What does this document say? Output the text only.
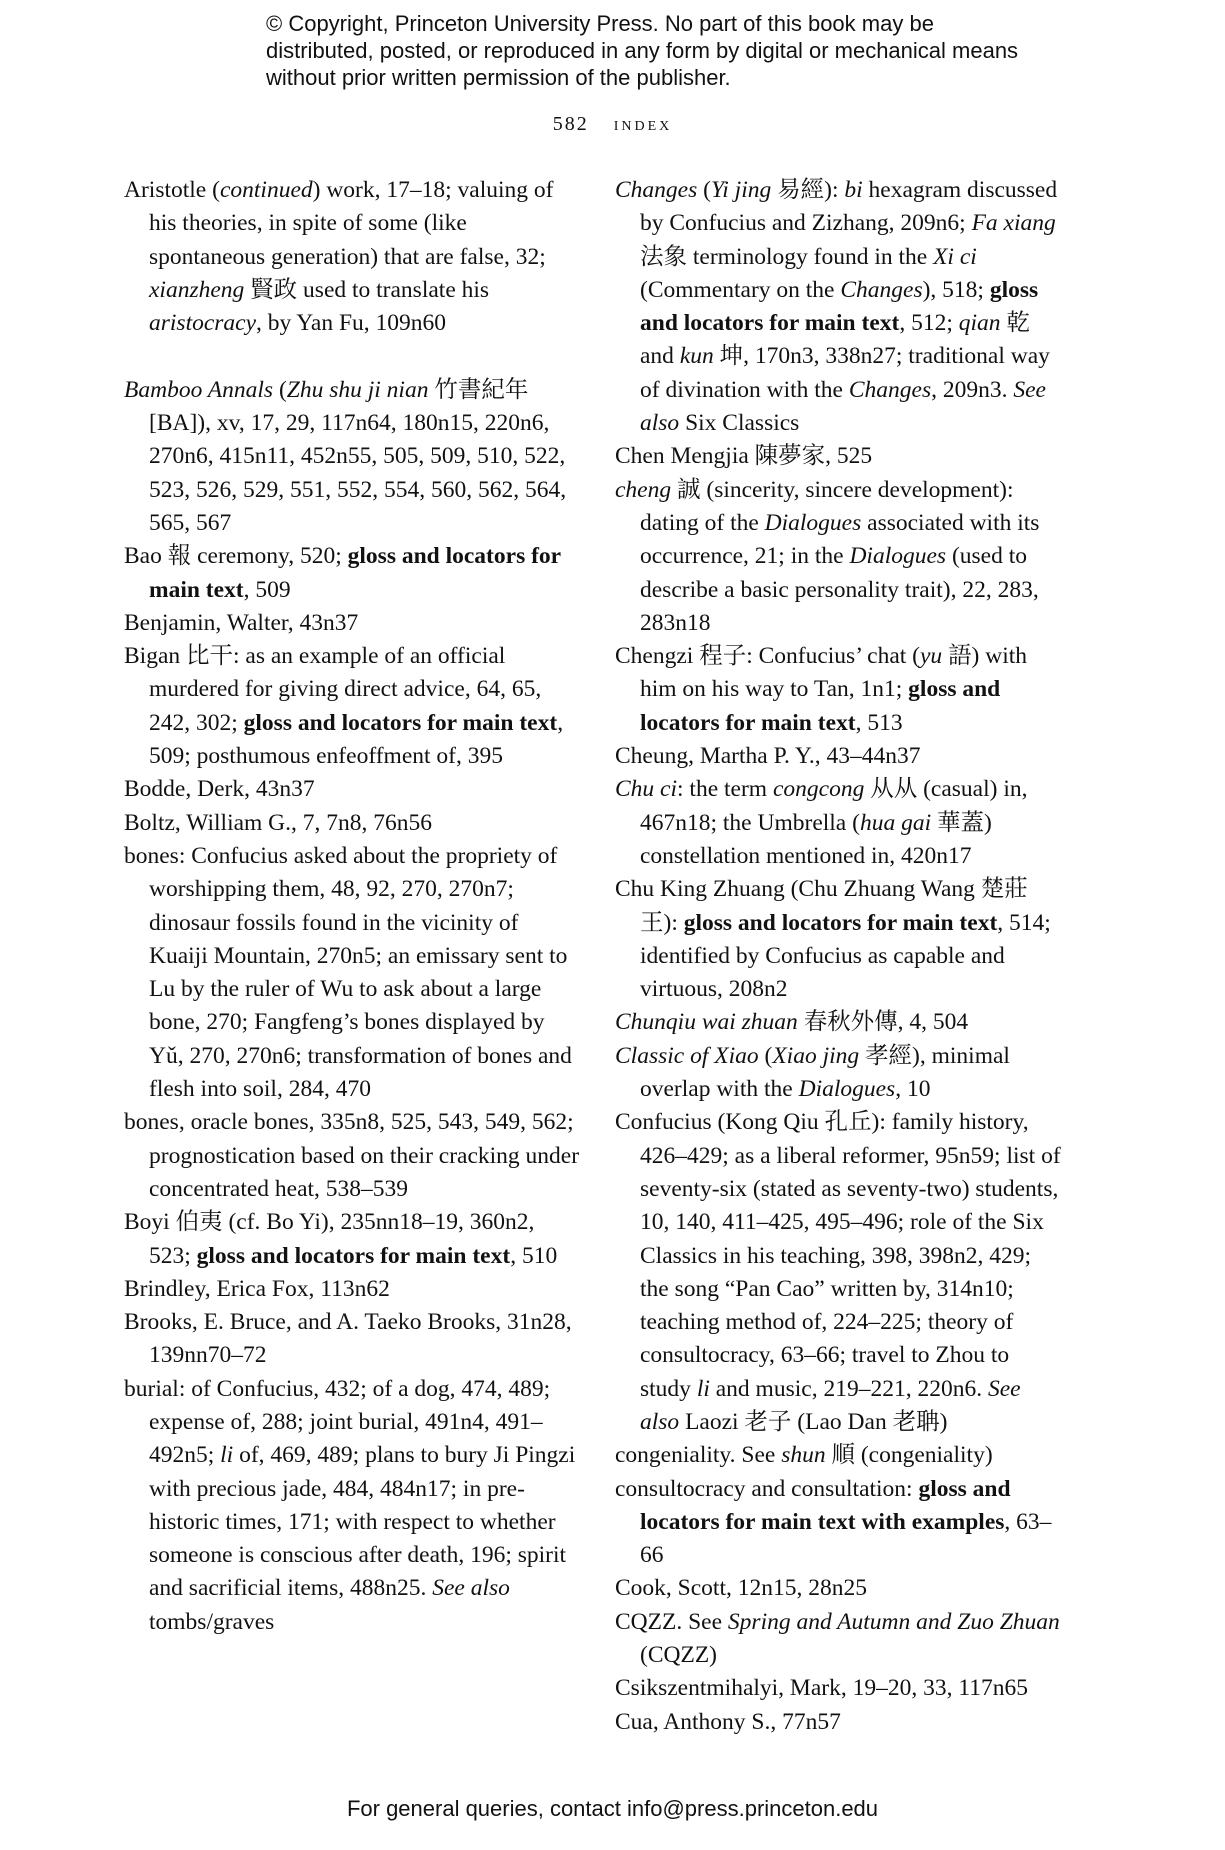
© Copyright, Princeton University Press. No part of this book may be distributed, posted, or reproduced in any form by digital or mechanical means without prior written permission of the publisher.
582 index
Aristotle (continued) work, 17–18; valuing of his theories, in spite of some (like spontaneous generation) that are false, 32; xianzheng 賢政 used to translate his aristocracy, by Yan Fu, 109n60
Bamboo Annals (Zhu shu ji nian 竹書紀年 [BA]), xv, 17, 29, 117n64, 180n15, 220n6, 270n6, 415n11, 452n55, 505, 509, 510, 522, 523, 526, 529, 551, 552, 554, 560, 562, 564, 565, 567
Bao 報 ceremony, 520; gloss and locators for main text, 509
Benjamin, Walter, 43n37
Bigan 比干: as an example of an official murdered for giving direct advice, 64, 65, 242, 302; gloss and locators for main text, 509; posthumous enfeoffment of, 395
Bodde, Derk, 43n37
Boltz, William G., 7, 7n8, 76n56
bones: Confucius asked about the propriety of worshipping them, 48, 92, 270, 270n7; dinosaur fossils found in the vicinity of Kuaiji Mountain, 270n5; an emissary sent to Lu by the ruler of Wu to ask about a large bone, 270; Fangfeng’s bones displayed by Yǔ, 270, 270n6; transformation of bones and flesh into soil, 284, 470
bones, oracle bones, 335n8, 525, 543, 549, 562; prognostication based on their cracking under concentrated heat, 538–539
Boyi 伯夷 (cf. Bo Yi), 235nn18–19, 360n2, 523; gloss and locators for main text, 510
Brindley, Erica Fox, 113n62
Brooks, E. Bruce, and A. Taeko Brooks, 31n28, 139nn70–72
burial: of Confucius, 432; of a dog, 474, 489; expense of, 288; joint burial, 491n4, 491–492n5; li of, 469, 489; plans to bury Ji Pingzi with precious jade, 484, 484n17; in pre-historic times, 171; with respect to whether someone is conscious after death, 196; spirit and sacrificial items, 488n25. See also tombs/graves
Changes (Yi jing 易經): bi hexagram discussed by Confucius and Zizhang, 209n6; Fa xiang 法象 terminology found in the Xi ci (Commentary on the Changes), 518; gloss and locators for main text, 512; qian 乾 and kun 坤, 170n3, 338n27; traditional way of divination with the Changes, 209n3. See also Six Classics
Chen Mengjia 陳夢家, 525
cheng 誠 (sincerity, sincere development): dating of the Dialogues associated with its occurrence, 21; in the Dialogues (used to describe a basic personality trait), 22, 283, 283n18
Chengzi 程子: Confucius’ chat (yu 語) with him on his way to Tan, 1n1; gloss and locators for main text, 513
Cheung, Martha P. Y., 43–44n37
Chu ci: the term congcong 从从 (casual) in, 467n18; the Umbrella (hua gai 華蓋) constellation mentioned in, 420n17
Chu King Zhuang (Chu Zhuang Wang 楚莊王): gloss and locators for main text, 514; identified by Confucius as capable and virtuous, 208n2
Chunqiu wai zhuan 春秋外傳, 4, 504
Classic of Xiao (Xiao jing 孝經), minimal overlap with the Dialogues, 10
Confucius (Kong Qiu 孔丘): family history, 426–429; as a liberal reformer, 95n59; list of seventy-six (stated as seventy-two) students, 10, 140, 411–425, 495–496; role of the Six Classics in his teaching, 398, 398n2, 429; the song “Pan Cao” written by, 314n10; teaching method of, 224–225; theory of consultocracy, 63–66; travel to Zhou to study li and music, 219–221, 220n6. See also Laozi 老子 (Lao Dan 老聃)
congeniality. See shun 順 (congeniality)
consultocracy and consultation: gloss and locators for main text with examples, 63–66
Cook, Scott, 12n15, 28n25
CQZZ. See Spring and Autumn and Zuo Zhuan (CQZZ)
Csikszentmihalyi, Mark, 19–20, 33, 117n65
Cua, Anthony S., 77n57
For general queries, contact info@press.princeton.edu
